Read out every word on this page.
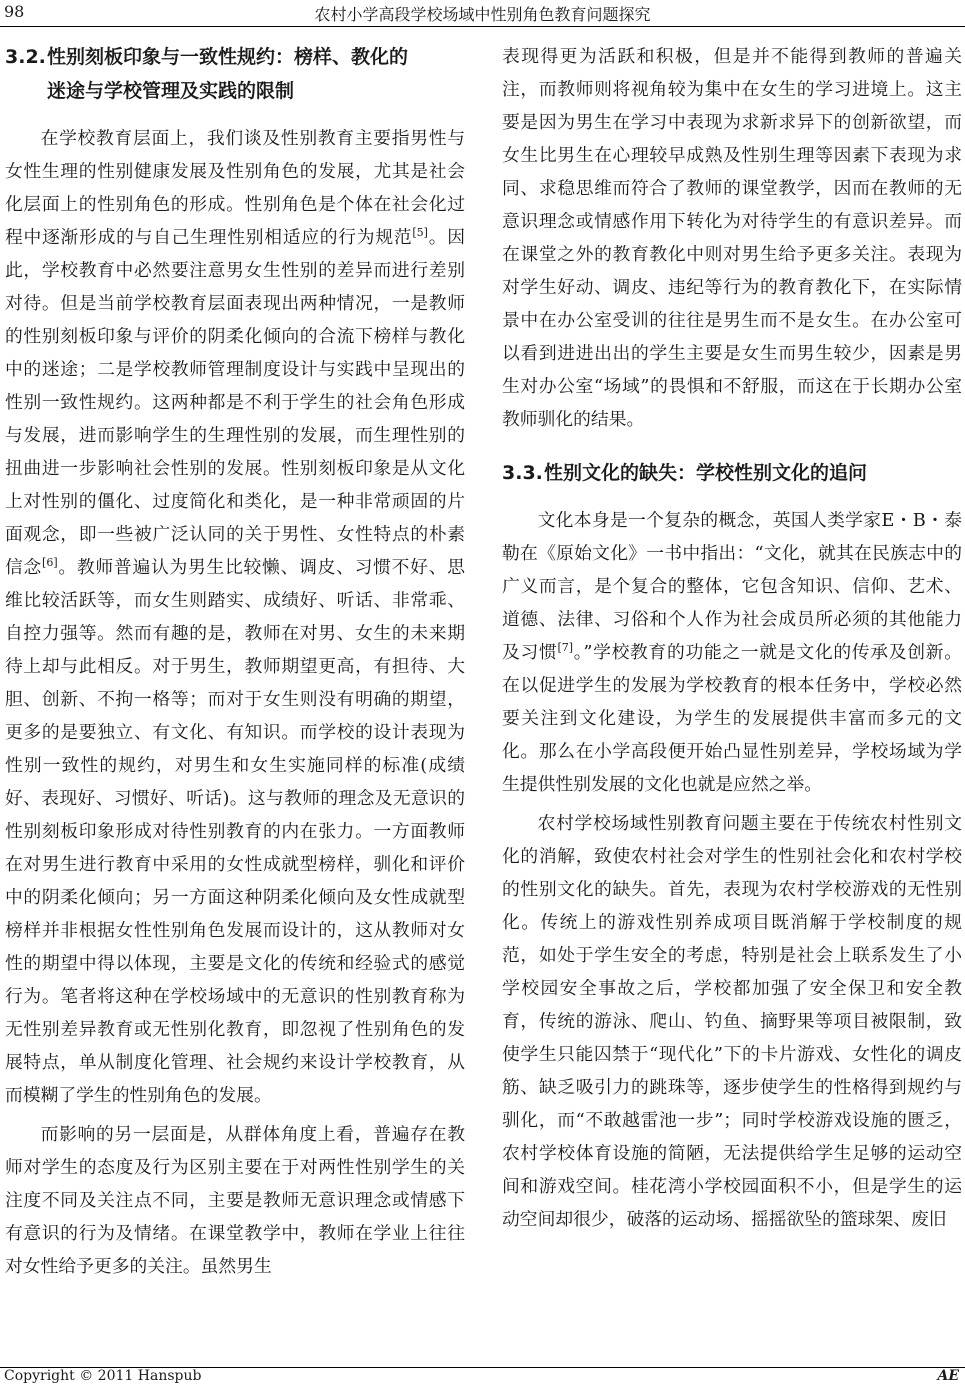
98	农村小学高段学校场域中性别角色教育问题探究
3.2.性别刻板印象与一致性规约：榜样、教化的
迷途与学校管理及实践的限制

在学校教育层面上，我们谈及性别教育主要指男性与女性生理的性别健康发展及性别角色的发展，尤其是社会化层面上的性别角色的形成。性别角色是个体在社会化过程中逐渐形成的与自己生理性别相适应的行为规范[5]。因此，学校教育中必然要注意男女生性别的差异而进行差别对待。但是当前学校教育层面表现出两种情况，一是教师的性别刻板印象与评价的阴柔化倾向的合流下榜样与教化中的迷途；二是学校教师管理制度设计与实践中呈现出的性别一致性规约。这两种都是不利于学生的社会角色形成与发展，进而影响学生的生理性别的发展，而生理性别的扭曲进一步影响社会性别的发展。性别刻板印象是从文化上对性别的僵化、过度简化和类化，是一种非常顽固的片面观念，即一些被广泛认同的关于男性、女性特点的朴素信念[6]。教师普遍认为男生比较懒、调皮、习惯不好、思维比较活跃等，而女生则踏实、成绩好、听话、非常乖、自控力强等。然而有趣的是，教师在对男、女生的未来期待上却与此相反。对于男生，教师期望更高，有担待、大胆、创新、不拘一格等；而对于女生则没有明确的期望，更多的是要独立、有文化、有知识。而学校的设计表现为性别一致性的规约，对男生和女生实施同样的标准(成绩好、表现好、习惯好、听话)。这与教师的理念及无意识的性别刻板印象形成对待性别教育的内在张力。一方面教师在对男生进行教育中采用的女性成就型榜样，驯化和评价中的阴柔化倾向；另一方面这种阴柔化倾向及女性成就型榜样并非根据女性性别角色发展而设计的，这从教师对女性的期望中得以体现，主要是文化的传统和经验式的感觉行为。笔者将这种在学校场域中的无意识的性别教育称为无性别差异教育或无性别化教育，即忽视了性别角色的发展特点，单从制度化管理、社会规约来设计学校教育，从而模糊了学生的性别角色的发展。

而影响的另一层面是，从群体角度上看，普遍存在教师对学生的态度及行为区别主要在于对两性性别学生的关注度不同及关注点不同，主要是教师无意识理念或情感下有意识的行为及情绪。在课堂教学中，教师在学业上往往对女性给予更多的关注。虽然男生

表现得更为活跃和积极，但是并不能得到教师的普遍关注，而教师则将视角较为集中在女生的学习进境上。这主要是因为男生在学习中表现为求新求异下的创新欲望，而女生比男生在心理较早成熟及性别生理等因素下表现为求同、求稳思维而符合了教师的课堂教学，因而在教师的无意识理念或情感作用下转化为对待学生的有意识差异。而在课堂之外的教育教化中则对男生给予更多关注。表现为对学生好动、调皮、违纪等行为的教育教化下，在实际情景中在办公室受训的往往是男生而不是女生。在办公室可以看到进进出出的学生主要是女生而男生较少，因素是男生对办公室“场域”的畏惧和不舒服，而这在于长期办公室教师驯化的结果。

3.3.性别文化的缺失：学校性别文化的追问

文化本身是一个复杂的概念，英国人类学家E・B・泰勒在《原始文化》一书中指出：“文化，就其在民族志中的广义而言，是个复合的整体，它包含知识、信仰、艺术、道德、法律、习俗和个人作为社会成员所必须的其他能力及习惯[7]。”学校教育的功能之一就是文化的传承及创新。在以促进学生的发展为学校教育的根本任务中，学校必然要关注到文化建设，为学生的发展提供丰富而多元的文化。那么在小学高段便开始凸显性别差异，学校场域为学生提供性别发展的文化也就是应然之举。

农村学校场域性别教育问题主要在于传统农村性别文化的消解，致使农村社会对学生的性别社会化和农村学校的性别文化的缺失。首先，表现为农村学校游戏的无性别化。传统上的游戏性别养成项目既消解于学校制度的规范，如处于学生安全的考虑，特别是社会上联系发生了小学校园安全事故之后，学校都加强了安全保卫和安全教育，传统的游泳、爬山、钓鱼、摘野果等项目被限制，致使学生只能囚禁于“现代化”下的卡片游戏、女性化的调皮筋、缺乏吸引力的跳珠等，逐步使学生的性格得到规约与驯化，而“不敢越雷池一步”；同时学校游戏设施的匮乏，农村学校体育设施的简陋，无法提供给学生足够的运动空间和游戏空间。桂花湾小学校园面积不小，但是学生的运动空间却很少，破落的运动场、摇摇欲坠的篮球架、废旧

Copyright © 2011 Hanspub	AE
